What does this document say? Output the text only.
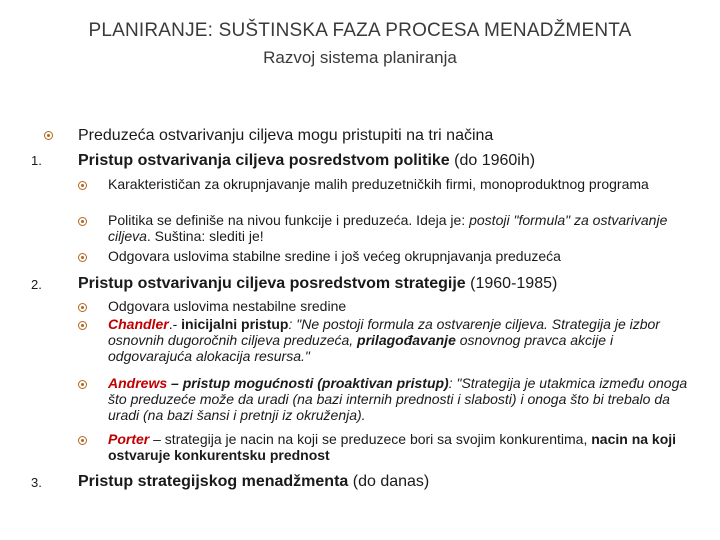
PLANIRANJE: SUŠTINSKA FAZA PROCESA MENADŽMENTA
Razvoj sistema planiranja
Preduzeća ostvarivanju ciljeva mogu pristupiti na tri načina
1. Pristup ostvarivanja ciljeva posredstvom politike (do 1960ih)
Karakterističan za okrupnjavanje malih preduzetničkih firmi, monoproduktnog programa
Politika se definiše na nivou funkcije i preduzeća. Ideja je: postoji "formula" za ostvarivanje ciljeva. Suština: slediti je!
Odgovara uslovima stabilne sredine i još većeg okrupnjavanja preduzeća
2. Pristup ostvarivanju ciljeva posredstvom strategije (1960-1985)
Odgovara uslovima nestabilne sredine
Chandler.- inicijalni pristup: "Ne postoji formula za ostvarenje ciljeva. Strategija je izbor osnovnih dugoročnih ciljeva preduzeća, prilagođavanje osnovnog pravca akcije i odgovarajuća alokacija resursa."
Andrews – pristup mogućnosti (proaktivan pristup): "Strategija je utakmica između onoga što preduzeće može da uradi (na bazi internih prednosti i slabosti) i onoga što bi trebalo da uradi (na bazi šansi i pretnji iz okruženja).
Porter – strategija je nacin na koji se preduzece bori sa svojim konkurentima, nacin na koji ostvaruje konkurentsku prednost
3. Pristup strategijskog menadžmenta (do danas)
